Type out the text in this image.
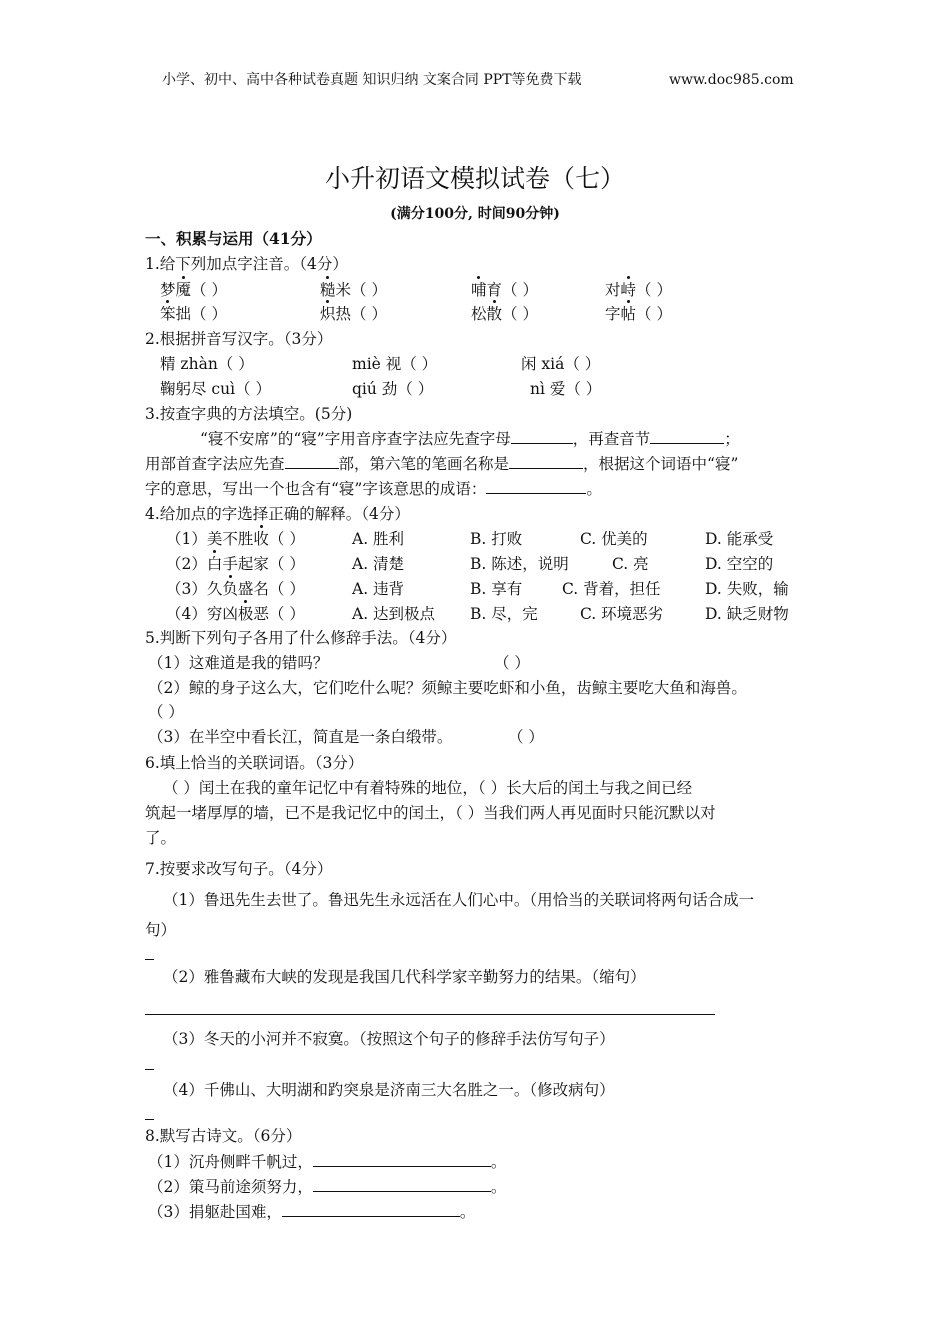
小学、初中、高中各种试卷真题 知识归纳 文案合同 PPT等免费下载	www.doc985.com
小升初语文模拟试卷（七）
(满分100分, 时间90分钟)
一、积累与运用（41分）
1.给下列加点字注音。（4分）
梦魇（ ）	糙米（ ）	哺育（ ）	对峙（ ）
笨拙（ ）	炽热（ ）	松散（ ）	字帖（ ）
2.根据拼音写汉字。（3分）
精 zhàn（ ）	miè 视（ ）	闲 xiá（ ）
鞠躬尽 cuì（ ）	qiú 劲（ ）	nì 爱（ ）
3.按查字典的方法填空。(5分)
“寝不安席”的“寝”字用音序查字法应先查字母	，再查音节	；
用部首查字法应先查	部，第六笔的笔画名称是	，根据这个词语中“寝”
字的意思，写出一个也含有“寝”字该意思的成语：	。
4.给加点的字选择正确的解释。（4分）
（1）美不胜收（ ）	A. 胜利	B. 打败	C. 优美的	D. 能承受
（2）白手起家（ ）	A. 清楚	B. 陈述，说明	C. 亮	D. 空空的
（3）久负盛名（ ）	A. 违背	B. 享有	C. 背着，担任	D. 失败，输
（4）穷凶极恶（ ）	A. 达到极点 B. 尽，完	C. 环境恶劣	D. 缺乏财物
5.判断下列句子各用了什么修辞手法。（4分）
（1）这难道是我的错吗？	（ ）
（2）鲸的身子这么大，它们吃什么呢？须鲸主要吃虾和小鱼，齿鲸主要吃大鱼和海兽。
（ ）
（3）在半空中看长江，简直是一条白缎带。	（ ）
6.填上恰当的关联词语。（3分）
（ ）闰土在我的童年记忆中有着特殊的地位，（ ）长大后的闰土与我之间已经
筑起一堵厚厚的墙，已不是我记忆中的闰土，（ ）当我们两人再见面时只能沉默以对
了。
7.按要求改写句子。（4分）
（1）鲁迅先生去世了。鲁迅先生永远活在人们心中。（用恰当的关联词将两句话合成一
句）
（2）雅鲁藏布大峡的发现是我国几代科学家辛勤努力的结果。（缩句）
（3）冬天的小河并不寂寞。（按照这个句子的修辞手法仿写句子）
（4）千佛山、大明湖和趵突泉是济南三大名胜之一。（修改病句）
8.默写古诗文。（6分）
（1）沉舟侧畔千帆过，	。
（2）策马前途须努力，	。
（3）捐躯赴国难，	。
